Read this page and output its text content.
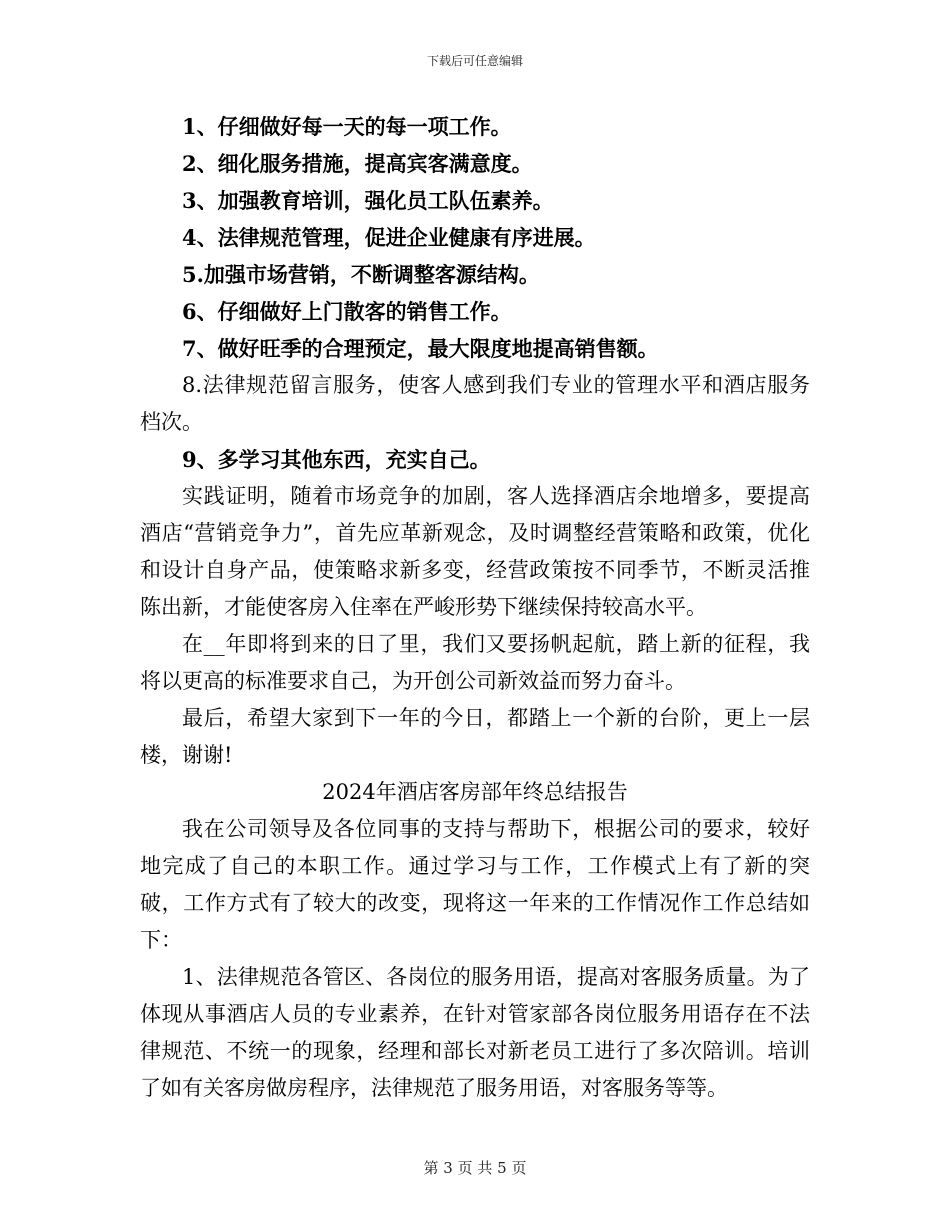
下载后可任意编辑

1、仔细做好每一天的每一项工作。

2、细化服务措施，提高宾客满意度。

3、加强教育培训，强化员工队伍素养。

4、法律规范管理，促进企业健康有序进展。

5.加强市场营销，不断调整客源结构。

6、仔细做好上门散客的销售工作。

7、做好旺季的合理预定，最大限度地提高销售额。

8.法律规范留言服务，使客人感到我们专业的管理水平和酒店服务档次。

9、多学习其他东西，充实自己。

实践证明，随着市场竞争的加剧，客人选择酒店余地增多，要提高酒店“营销竞争力”，首先应革新观念，及时调整经营策略和政策，优化和设计自身产品，使策略求新多变，经营政策按不同季节，不断灵活推陈出新，才能使客房入住率在严峻形势下继续保持较高水平。

在__年即将到来的日了里，我们又要扬帆起航，踏上新的征程，我将以更高的标准要求自己，为开创公司新效益而努力奋斗。

最后，希望大家到下一年的今日，都踏上一个新的台阶，更上一层楼，谢谢!

2024年酒店客房部年终总结报告

我在公司领导及各位同事的支持与帮助下，根据公司的要求，较好地完成了自己的本职工作。通过学习与工作，工作模式上有了新的突破，工作方式有了较大的改变，现将这一年来的工作情况作工作总结如下：

1、法律规范各管区、各岗位的服务用语，提高对客服务质量。为了体现从事酒店人员的专业素养，在针对管家部各岗位服务用语存在不法律规范、不统一的现象，经理和部长对新老员工进行了多次陪训。培训了如有关客房做房程序，法律规范了服务用语，对客服务等等。

第 3 页 共 5 页
